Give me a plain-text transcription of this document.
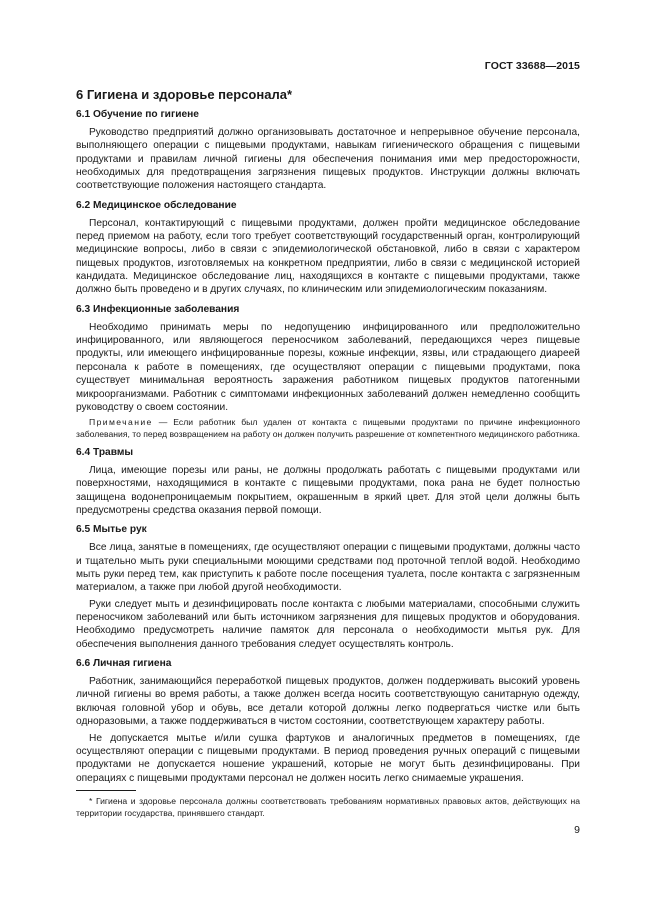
ГОСТ 33688—2015
6 Гигиена и здоровье персонала*
6.1 Обучение по гигиене

Руководство предприятий должно организовывать достаточное и непрерывное обучение персонала, выполняющего операции с пищевыми продуктами, навыкам гигиенического обращения с пищевыми продуктами и правилам личной гигиены для обеспечения понимания ими мер предосторожности, необходимых для предотвращения загрязнения пищевых продуктов. Инструкции должны включать соответствующие положения настоящего стандарта.

6.2 Медицинское обследование

Персонал, контактирующий с пищевыми продуктами, должен пройти медицинское обследование перед приемом на работу, если того требует соответствующий государственный орган, контролирующий медицинские вопросы, либо в связи с эпидемиологической обстановкой, либо в связи с характером пищевых продуктов, изготовляемых на конкретном предприятии, либо в связи с медицинской историей кандидата. Медицинское обследование лиц, находящихся в контакте с пищевыми продуктами, также должно быть проведено и в других случаях, по клиническим или эпидемиологическим показаниям.

6.3 Инфекционные заболевания

Необходимо принимать меры по недопущению инфицированного или предположительно инфицированного, или являющегося переносчиком заболеваний, передающихся через пищевые продукты, или имеющего инфицированные порезы, кожные инфекции, язвы, или страдающего диареей персонала к работе в помещениях, где осуществляют операции с пищевыми продуктами, пока существует минимальная вероятность заражения работником пищевых продуктов патогенными микроорганизмами. Работник с симптомами инфекционных заболеваний должен немедленно сообщить руководству о своем состоянии.

Примечание — Если работник был удален от контакта с пищевыми продуктами по причине инфекционного заболевания, то перед возвращением на работу он должен получить разрешение от компетентного медицинского работника.
6.4 Травмы

Лица, имеющие порезы или раны, не должны продолжать работать с пищевыми продуктами или поверхностями, находящимися в контакте с пищевыми продуктами, пока рана не будет полностью защищена водонепроницаемым покрытием, окрашенным в яркий цвет. Для этой цели должны быть предусмотрены средства оказания первой помощи.

6.5 Мытье рук

Все лица, занятые в помещениях, где осуществляют операции с пищевыми продуктами, должны часто и тщательно мыть руки специальными моющими средствами под проточной теплой водой. Необходимо мыть руки перед тем, как приступить к работе после посещения туалета, после контакта с загрязненным материалом, а также при любой другой необходимости.

Руки следует мыть и дезинфицировать после контакта с любыми материалами, способными служить переносчиком заболеваний или быть источником загрязнения для пищевых продуктов и оборудования. Необходимо предусмотреть наличие памяток для персонала о необходимости мытья рук. Для обеспечения выполнения данного требования следует осуществлять контроль.

6.6 Личная гигиена

Работник, занимающийся переработкой пищевых продуктов, должен поддерживать высокий уровень личной гигиены во время работы, а также должен всегда носить соответствующую санитарную одежду, включая головной убор и обувь, все детали которой должны легко подвергаться чистке или быть одноразовыми, а также поддерживаться в чистом состоянии, соответствующем характеру работы.

Не допускается мытье и/или сушка фартуков и аналогичных предметов в помещениях, где осуществляют операции с пищевыми продуктами. В период проведения ручных операций с пищевыми продуктами не допускается ношение украшений, которые не могут быть дезинфицированы. При операциях с пищевыми продуктами персонал не должен носить легко снимаемые украшения.

* Гигиена и здоровье персонала должны соответствовать требованиям нормативных правовых актов, действующих на территории государства, принявшего стандарт.
9
